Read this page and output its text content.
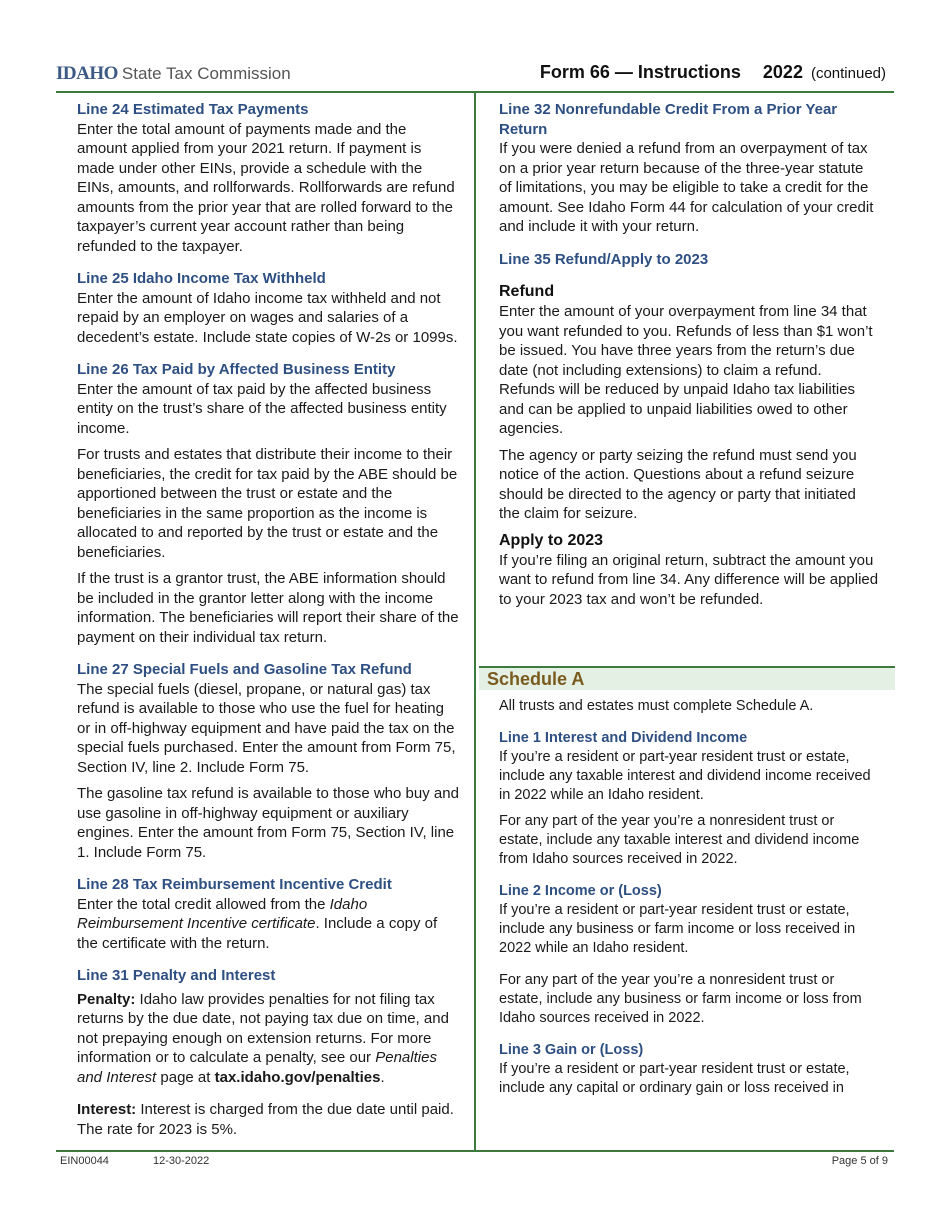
IDAHO State Tax Commission	Form 66 — Instructions 2022 (continued)
Line 24 Estimated Tax Payments

Enter the total amount of payments made and the amount applied from your 2021 return. If payment is made under other EINs, provide a schedule with the EINs, amounts, and rollforwards. Rollforwards are refund amounts from the prior year that are rolled forward to the taxpayer’s current year account rather than being refunded to the taxpayer.

Line 25 Idaho Income Tax Withheld

Enter the amount of Idaho income tax withheld and not repaid by an employer on wages and salaries of a decedent’s estate. Include state copies of W-2s or 1099s.

Line 26 Tax Paid by Affected Business Entity

Enter the amount of tax paid by the affected business entity on the trust’s share of the affected business entity income.

For trusts and estates that distribute their income to their beneficiaries, the credit for tax paid by the ABE should be apportioned between the trust or estate and the beneficiaries in the same proportion as the income is allocated to and reported by the trust or estate and the beneficiaries.

If the trust is a grantor trust, the ABE information should be included in the grantor letter along with the income information. The beneficiaries will report their share of the payment on their individual tax return.

Line 27 Special Fuels and Gasoline Tax Refund

The special fuels (diesel, propane, or natural gas) tax refund is available to those who use the fuel for heating or in off-highway equipment and have paid the tax on the special fuels purchased. Enter the amount from Form 75, Section IV, line 2. Include Form 75.

The gasoline tax refund is available to those who buy and use gasoline in off-highway equipment or auxiliary engines. Enter the amount from Form 75, Section IV, line 1. Include Form 75.

Line 28 Tax Reimbursement Incentive Credit

Enter the total credit allowed from the Idaho Reimbursement Incentive certificate. Include a copy of the certificate with the return.

Line 31 Penalty and Interest

Penalty: Idaho law provides penalties for not filing tax returns by the due date, not paying tax due on time, and not prepaying enough on extension returns. For more information or to calculate a penalty, see our Penalties and Interest page at tax.idaho.gov/penalties.

Interest: Interest is charged from the due date until paid. The rate for 2023 is 5%.

Line 32 Nonrefundable Credit From a Prior Year Return

If you were denied a refund from an overpayment of tax on a prior year return because of the three-year statute of limitations, you may be eligible to take a credit for the amount. See Idaho Form 44 for calculation of your credit and include it with your return.

Line 35 Refund/Apply to 2023
Refund

Enter the amount of your overpayment from line 34 that you want refunded to you. Refunds of less than $1 won’t be issued. You have three years from the return’s due date (not including extensions) to claim a refund. Refunds will be reduced by unpaid Idaho tax liabilities and can be applied to unpaid liabilities owed to other agencies.

The agency or party seizing the refund must send you notice of the action. Questions about a refund seizure should be directed to the agency or party that initiated the claim for seizure.

Apply to 2023

If you’re filing an original return, subtract the amount you want to refund from line 34. Any difference will be applied to your 2023 tax and won’t be refunded.

Schedule A

All trusts and estates must complete Schedule A.

Line 1 Interest and Dividend Income

If you’re a resident or part-year resident trust or estate, include any taxable interest and dividend income received in 2022 while an Idaho resident.

For any part of the year you’re a nonresident trust or estate, include any taxable interest and dividend income from Idaho sources received in 2022.

Line 2 Income or (Loss)

If you’re a resident or part-year resident trust or estate, include any business or farm income or loss received in 2022 while an Idaho resident.

For any part of the year you’re a nonresident trust or estate, include any business or farm income or loss from Idaho sources received in 2022.

Line 3 Gain or (Loss)

If you’re a resident or part-year resident trust or estate, include any capital or ordinary gain or loss received in

EIN00044	12-30-2022	Page 5 of 9
